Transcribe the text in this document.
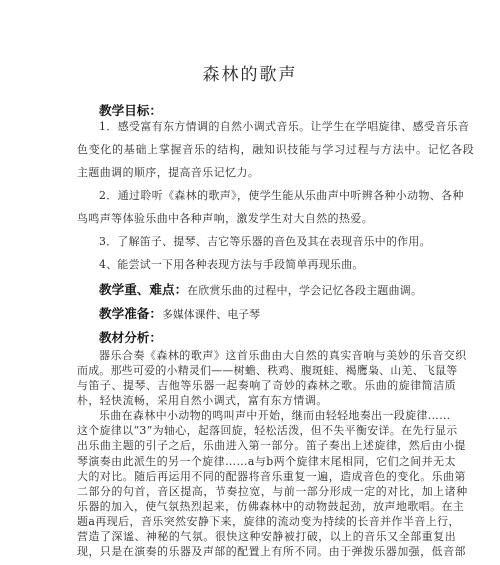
森林的歌声
教学目标：
1．感受富有东方情调的自然小调式音乐。让学生在学唱旋律、感受音乐音
色变化的基础上掌握音乐的结构，融知识技能与学习过程与方法中。记忆各段
主题曲调的顺序，提高音乐记忆力。
2．通过聆听《森林的歌声》，使学生能从乐曲声中听辨各种小动物、各种
鸟鸣声等体验乐曲中各种声响，激发学生对大自然的热爱。
3．了解笛子、提琴、吉它等乐器的音色及其在表现音乐中的作用。
4、能尝试一下用各种表现方法与手段简单再现乐曲。
教学重、难点：在欣赏乐曲的过程中，学会记忆各段主题曲调。
教学准备：多媒体课件、电子琴
教材分析：
器乐合奏《森林的歌声》这首乐曲由大自然的真实音响与美妙的乐音交织
而成。那些可爱的小精灵们——树蟾、秩鸡、腹斑蛙、褐鹰枭、山羌、飞鼠等
与笛子、提琴、吉他等乐器一起奏响了奇妙的森林之歌。乐曲的旋律简洁质
朴，轻快流畅，采用自然小调式，富有东方情调。
乐曲在森林中小动物的鸣叫声中开始，继而由轻轻地奏出一段旋律……
这个旋律以“3”为轴心，起落回旋，轻松活泼，但不失平衡安详。在先行显示
出乐曲主题的引子之后，乐曲进入第一部分。笛子奏出上述旋律，然后由小提
琴演奏由此派生的另一个旋律……a与b两个旋律末尾相同，它们之间并无太
大的对比。随后再运用不同的配器将音乐重复一遍，造成音色的变化。乐曲第
二部分的句首，音区提高，节奏拉宽，与前一部分形成一定的对比，加上诸种
乐器的加入，使气氛热烈起来，仿佛森林中的动物鼓起劲，放声地歌唱。在主
题a再现后，音乐突然安静下来，旋律的流动变为持续的长音并作半音上行，
营造了深谧、神秘的气氛。很快这种安静被打破，以上的音乐又全部重复出
现，只是在演奏的乐器及声部的配置上有所不同。由于弹拨乐器加强，低音部
